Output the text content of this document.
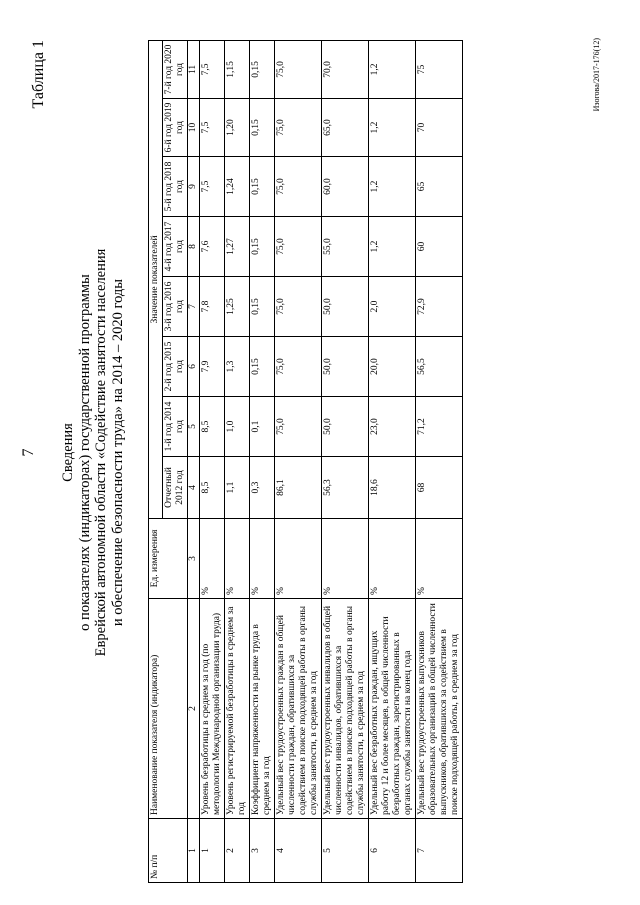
7
Таблица 1
Сведения о показателях (индикаторах) государственной программы Еврейской автономной области «Содействие занятости населения и обеспечение безопасности труда» на 2014 – 2020 годы
№ п/п	Наименование показателя (индикатора)	Ед. измерения	Значение показателей							
			Отчетный 2012 год	1-й год 2014 год	2-й год 2015 год	3-й год 2016 год	4-й год 2017 год	5-й год 2018 год	6-й год 2019 год	7-й год 2020 год
1	2	3	4	5	6	7	8	9	10	11
1	Уровень безработицы в среднем за год (по методологии Международной организации труда)	%	8,5	8,5	7,9	7,8	7,6	7,5	7,5	7,5
2	Уровень регистрируемой безработицы в среднем за год	%	1,1	1,0	1,3	1,25	1,27	1,24	1,20	1,15
3	Коэффициент напряженности на рынке труда в среднем за год	%	0,3	0,1	0,15	0,15	0,15	0,15	0,15	0,15
4	Удельный вес трудоустроенных граждан в общей численности граждан, обратившихся за содействием в поиске подходящей работы в органы службы занятости, в среднем за год	%	86,1	75,0	75,0	75,0	75,0	75,0	75,0	75,0
5	Удельный вес трудоустроенных инвалидов в общей численности инвалидов, обратившихся за содействием в поиске подходящей работы в органы службы занятости, в среднем за год	%	56,3	50,0	50,0	50,0	55,0	60,0	65,0	70,0
6	Удельный вес безработных граждан, ищущих работу 12 и более месяцев, в общей численности безработных граждан, зарегистрированных в органах службы занятости на конец года	%	18,6	23,0	20,0	2,0	1,2	1,2	1,2	1,2
7	Удельный вес трудоустроенных выпускников образовательных организаций в общей численности выпускников, обратившихся за содействием в поиске подходящей работы, в среднем за год	%	68	71,2	56,5	72,9	60	65	70	75	Изогова/2017-176(12)
